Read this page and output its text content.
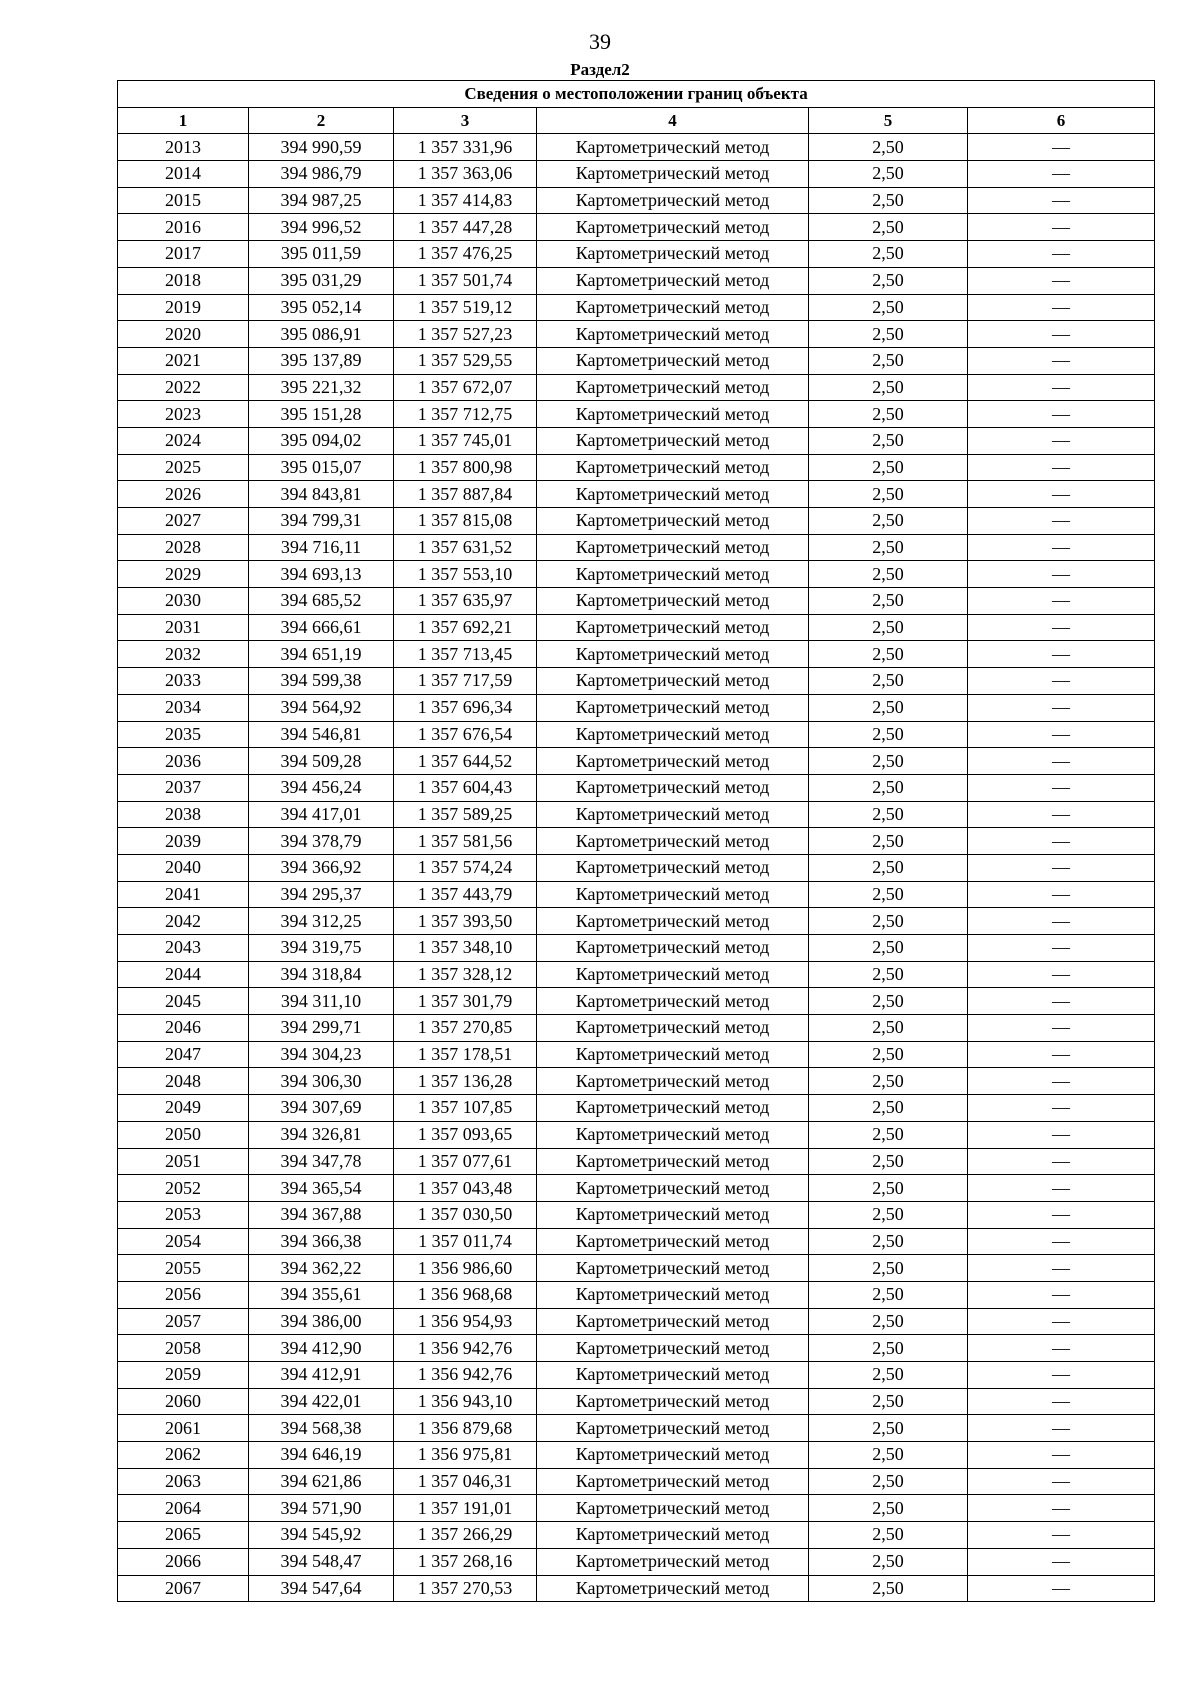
39
Раздел2
Сведения о местоположении границ объекта					
1	2	3	4	5	6
2013	394 990,59	1 357 331,96	Картометрический метод	2,50	—
2014	394 986,79	1 357 363,06	Картометрический метод	2,50	—
2015	394 987,25	1 357 414,83	Картометрический метод	2,50	—
2016	394 996,52	1 357 447,28	Картометрический метод	2,50	—
2017	395 011,59	1 357 476,25	Картометрический метод	2,50	—
2018	395 031,29	1 357 501,74	Картометрический метод	2,50	—
2019	395 052,14	1 357 519,12	Картометрический метод	2,50	—
2020	395 086,91	1 357 527,23	Картометрический метод	2,50	—
2021	395 137,89	1 357 529,55	Картометрический метод	2,50	—
2022	395 221,32	1 357 672,07	Картометрический метод	2,50	—
2023	395 151,28	1 357 712,75	Картометрический метод	2,50	—
2024	395 094,02	1 357 745,01	Картометрический метод	2,50	—
2025	395 015,07	1 357 800,98	Картометрический метод	2,50	—
2026	394 843,81	1 357 887,84	Картометрический метод	2,50	—
2027	394 799,31	1 357 815,08	Картометрический метод	2,50	—
2028	394 716,11	1 357 631,52	Картометрический метод	2,50	—
2029	394 693,13	1 357 553,10	Картометрический метод	2,50	—
2030	394 685,52	1 357 635,97	Картометрический метод	2,50	—
2031	394 666,61	1 357 692,21	Картометрический метод	2,50	—
2032	394 651,19	1 357 713,45	Картометрический метод	2,50	—
2033	394 599,38	1 357 717,59	Картометрический метод	2,50	—
2034	394 564,92	1 357 696,34	Картометрический метод	2,50	—
2035	394 546,81	1 357 676,54	Картометрический метод	2,50	—
2036	394 509,28	1 357 644,52	Картометрический метод	2,50	—
2037	394 456,24	1 357 604,43	Картометрический метод	2,50	—
2038	394 417,01	1 357 589,25	Картометрический метод	2,50	—
2039	394 378,79	1 357 581,56	Картометрический метод	2,50	—
2040	394 366,92	1 357 574,24	Картометрический метод	2,50	—
2041	394 295,37	1 357 443,79	Картометрический метод	2,50	—
2042	394 312,25	1 357 393,50	Картометрический метод	2,50	—
2043	394 319,75	1 357 348,10	Картометрический метод	2,50	—
2044	394 318,84	1 357 328,12	Картометрический метод	2,50	—
2045	394 311,10	1 357 301,79	Картометрический метод	2,50	—
2046	394 299,71	1 357 270,85	Картометрический метод	2,50	—
2047	394 304,23	1 357 178,51	Картометрический метод	2,50	—
2048	394 306,30	1 357 136,28	Картометрический метод	2,50	—
2049	394 307,69	1 357 107,85	Картометрический метод	2,50	—
2050	394 326,81	1 357 093,65	Картометрический метод	2,50	—
2051	394 347,78	1 357 077,61	Картометрический метод	2,50	—
2052	394 365,54	1 357 043,48	Картометрический метод	2,50	—
2053	394 367,88	1 357 030,50	Картометрический метод	2,50	—
2054	394 366,38	1 357 011,74	Картометрический метод	2,50	—
2055	394 362,22	1 356 986,60	Картометрический метод	2,50	—
2056	394 355,61	1 356 968,68	Картометрический метод	2,50	—
2057	394 386,00	1 356 954,93	Картометрический метод	2,50	—
2058	394 412,90	1 356 942,76	Картометрический метод	2,50	—
2059	394 412,91	1 356 942,76	Картометрический метод	2,50	—
2060	394 422,01	1 356 943,10	Картометрический метод	2,50	—
2061	394 568,38	1 356 879,68	Картометрический метод	2,50	—
2062	394 646,19	1 356 975,81	Картометрический метод	2,50	—
2063	394 621,86	1 357 046,31	Картометрический метод	2,50	—
2064	394 571,90	1 357 191,01	Картометрический метод	2,50	—
2065	394 545,92	1 357 266,29	Картометрический метод	2,50	—
2066	394 548,47	1 357 268,16	Картометрический метод	2,50	—
2067	394 547,64	1 357 270,53	Картометрический метод	2,50	—
